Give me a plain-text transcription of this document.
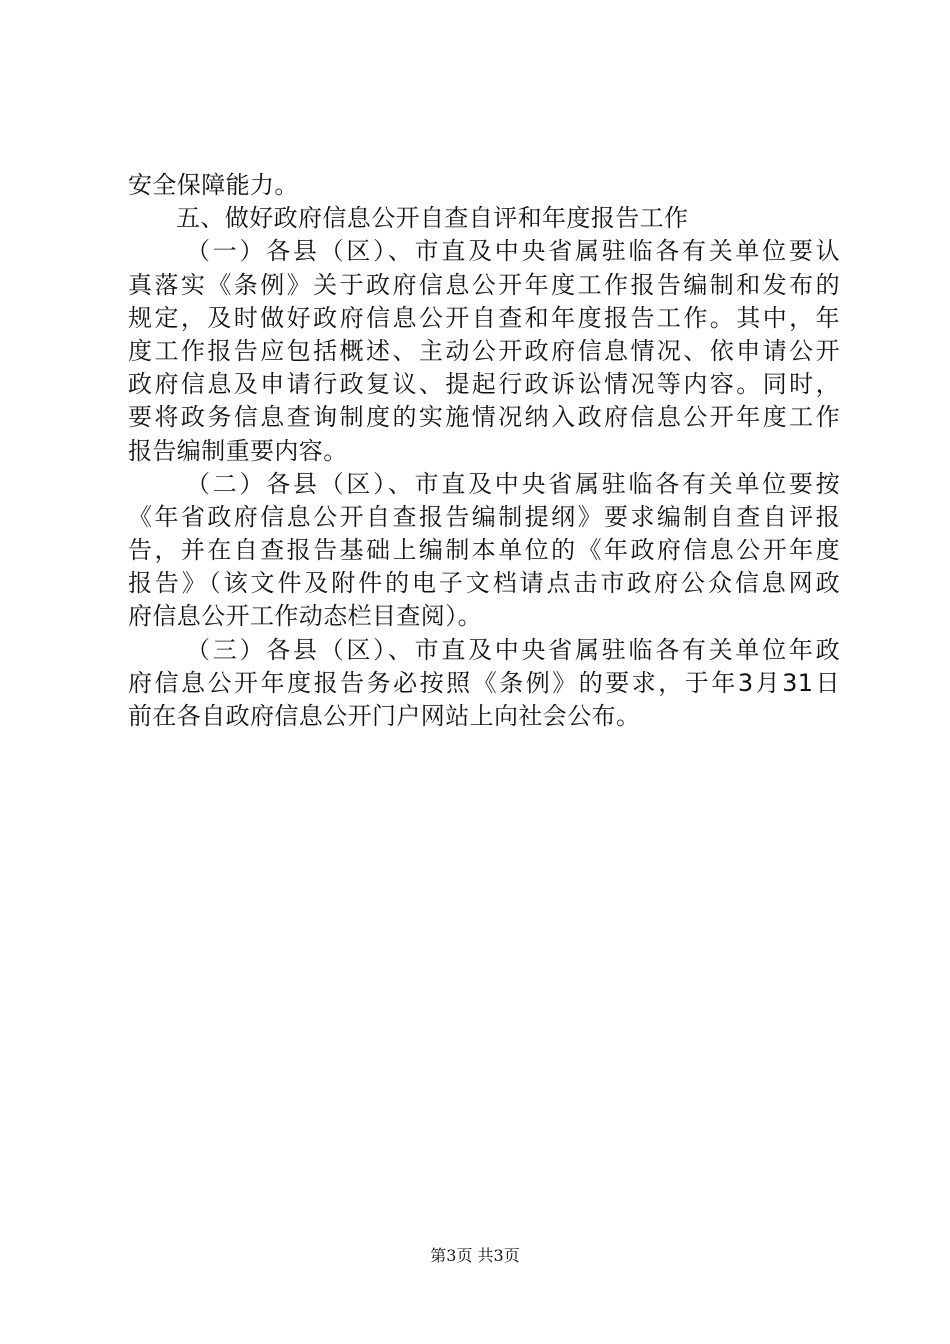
安全保障能力。
五、做好政府信息公开自查自评和年度报告工作
（一）各县（区）、市直及中央省属驻临各有关单位要认
真落实《条例》关于政府信息公开年度工作报告编制和发布的
规定，及时做好政府信息公开自查和年度报告工作。其中，年
度工作报告应包括概述、主动公开政府信息情况、依申请公开
政府信息及申请行政复议、提起行政诉讼情况等内容。同时，
要将政务信息查询制度的实施情况纳入政府信息公开年度工作
报告编制重要内容。
（二）各县（区）、市直及中央省属驻临各有关单位要按
《年省政府信息公开自查报告编制提纲》要求编制自查自评报
告，并在自查报告基础上编制本单位的《年政府信息公开年度
报告》（该文件及附件的电子文档请点击市政府公众信息网政
府信息公开工作动态栏目查阅）。
（三）各县（区）、市直及中央省属驻临各有关单位年政
府信息公开年度报告务必按照《条例》的要求，于年3月31日
前在各自政府信息公开门户网站上向社会公布。
第3页 共3页
